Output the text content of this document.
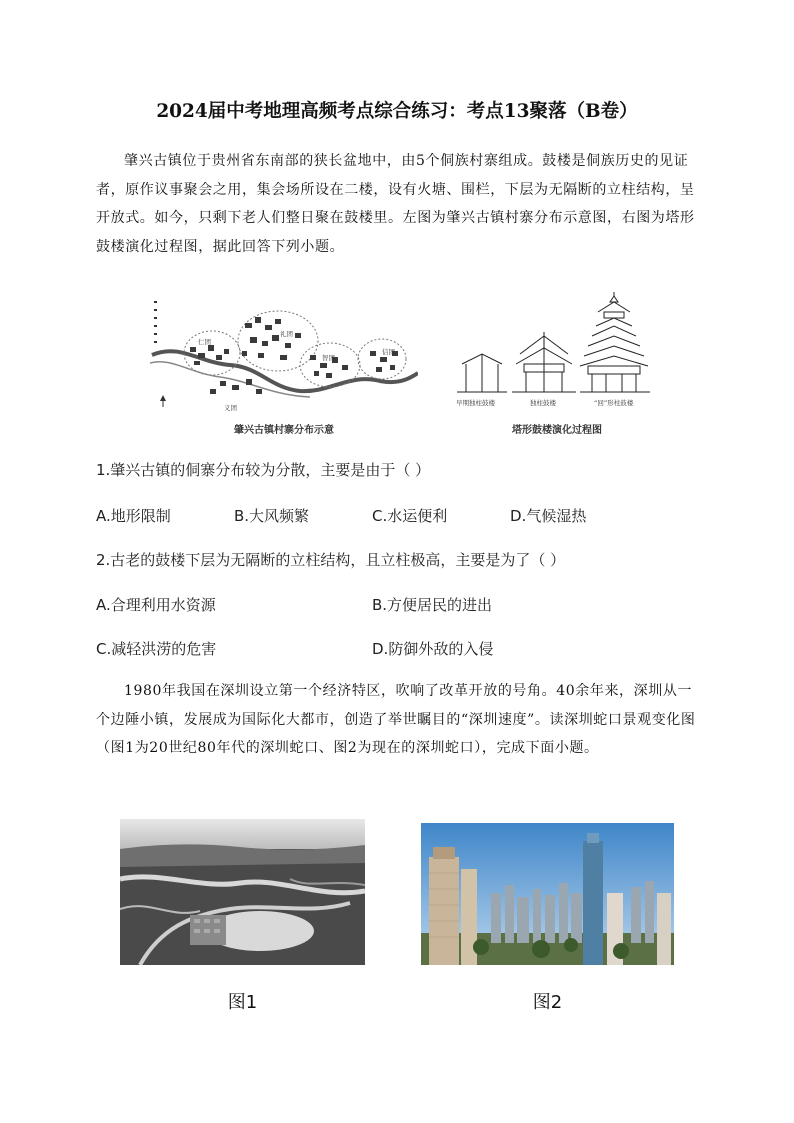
2024届中考地理高频考点综合练习：考点13聚落（B卷）
肇兴古镇位于贵州省东南部的狭长盆地中，由5个侗族村寨组成。鼓楼是侗族历史的见证者，原作议事聚会之用，集会场所设在二楼，设有火塘、围栏，下层为无隔断的立柱结构，呈开放式。如今，只剩下老人们整日聚在鼓楼里。左图为肇兴古镇村寨分布示意图，右图为塔形鼓楼演化过程图，据此回答下列小题。
仁团
礼团
智团
信团
义团
肇兴古镇村寨分布示意
早期独柱鼓楼	独柱鼓楼	“回”形柱鼓楼
塔形鼓楼演化过程图
1.肇兴古镇的侗寨分布较为分散，主要是由于（ ）
A.地形限制	B.大风频繁	C.水运便利	D.气候湿热
2.古老的鼓楼下层为无隔断的立柱结构，且立柱极高，主要是为了（ ）
A.合理利用水资源	B.方便居民的进出
C.减轻洪涝的危害	D.防御外敌的入侵
1980年我国在深圳设立第一个经济特区，吹响了改革开放的号角。40余年来，深圳从一个边陲小镇，发展成为国际化大都市，创造了举世瞩目的“深圳速度”。读深圳蛇口景观变化图（图1为20世纪80年代的深圳蛇口、图2为现在的深圳蛇口），完成下面小题。
图1	图2
